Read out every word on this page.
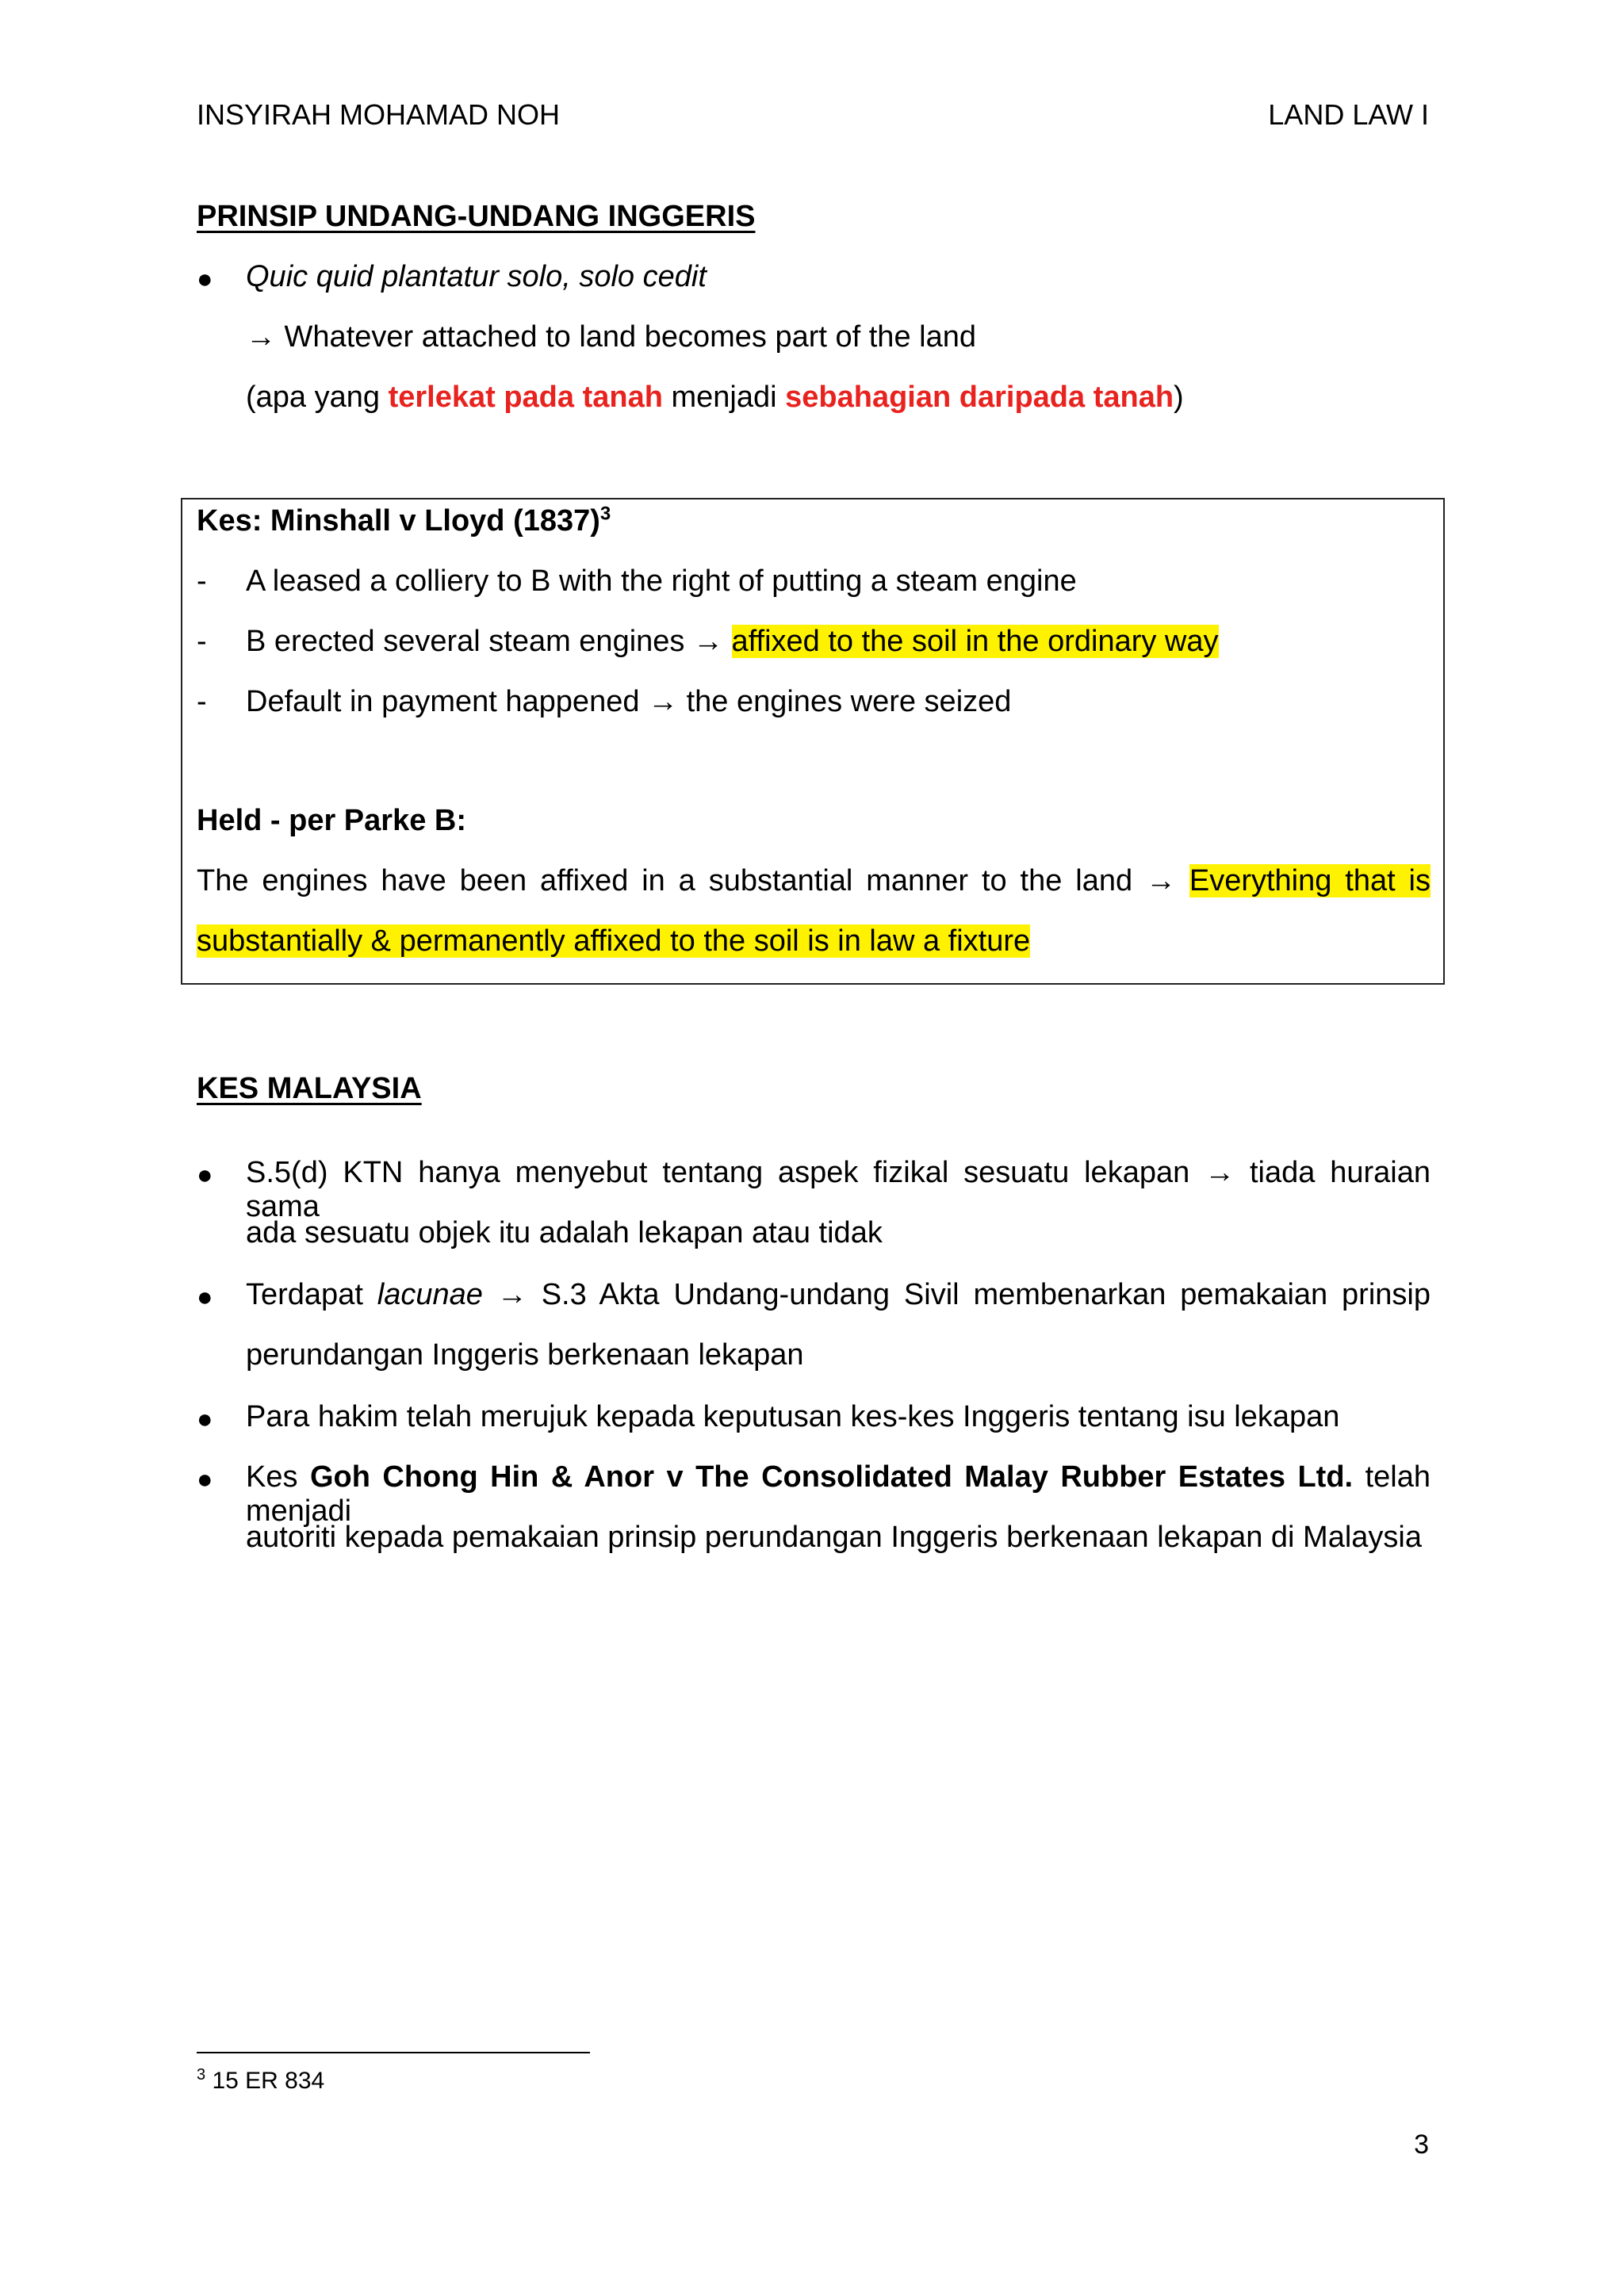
INSYIRAH MOHAMAD NOH	LAND LAW I
PRINSIP UNDANG-UNDANG INGGERIS
● Quic quid plantatur solo, solo cedit
→ Whatever attached to land becomes part of the land
(apa yang terlekat pada tanah menjadi sebahagian daripada tanah)
Kes: Minshall v Lloyd $(1837)^3$
- A leased a colliery to B with the right of putting a steam engine
- B erected several steam engines → affixed to the soil in the ordinary way
- Default in payment happened → the engines were seized
Held - per Parke B:
The engines have been affixed in a substantial manner to the land → Everything that is
substantially & permanently affixed to the soil is in law a fixture
KES MALAYSIA
● S.5(d) KTN hanya menyebut tentang aspek fizikal sesuatu lekapan → tiada huraian sama
ada sesuatu objek itu adalah lekapan atau tidak
● Terdapat lacunae → S.3 Akta Undang-undang Sivil membenarkan pemakaian prinsip
perundangan Inggeris berkenaan lekapan
● Para hakim telah merujuk kepada keputusan kes-kes Inggeris tentang isu lekapan
● Kes Goh Chong Hin & Anor v The Consolidated Malay Rubber Estates Ltd. telah menjadi
autoriti kepada pemakaian prinsip perundangan Inggeris berkenaan lekapan di Malaysia
$^3$ 15 ER 834
3
